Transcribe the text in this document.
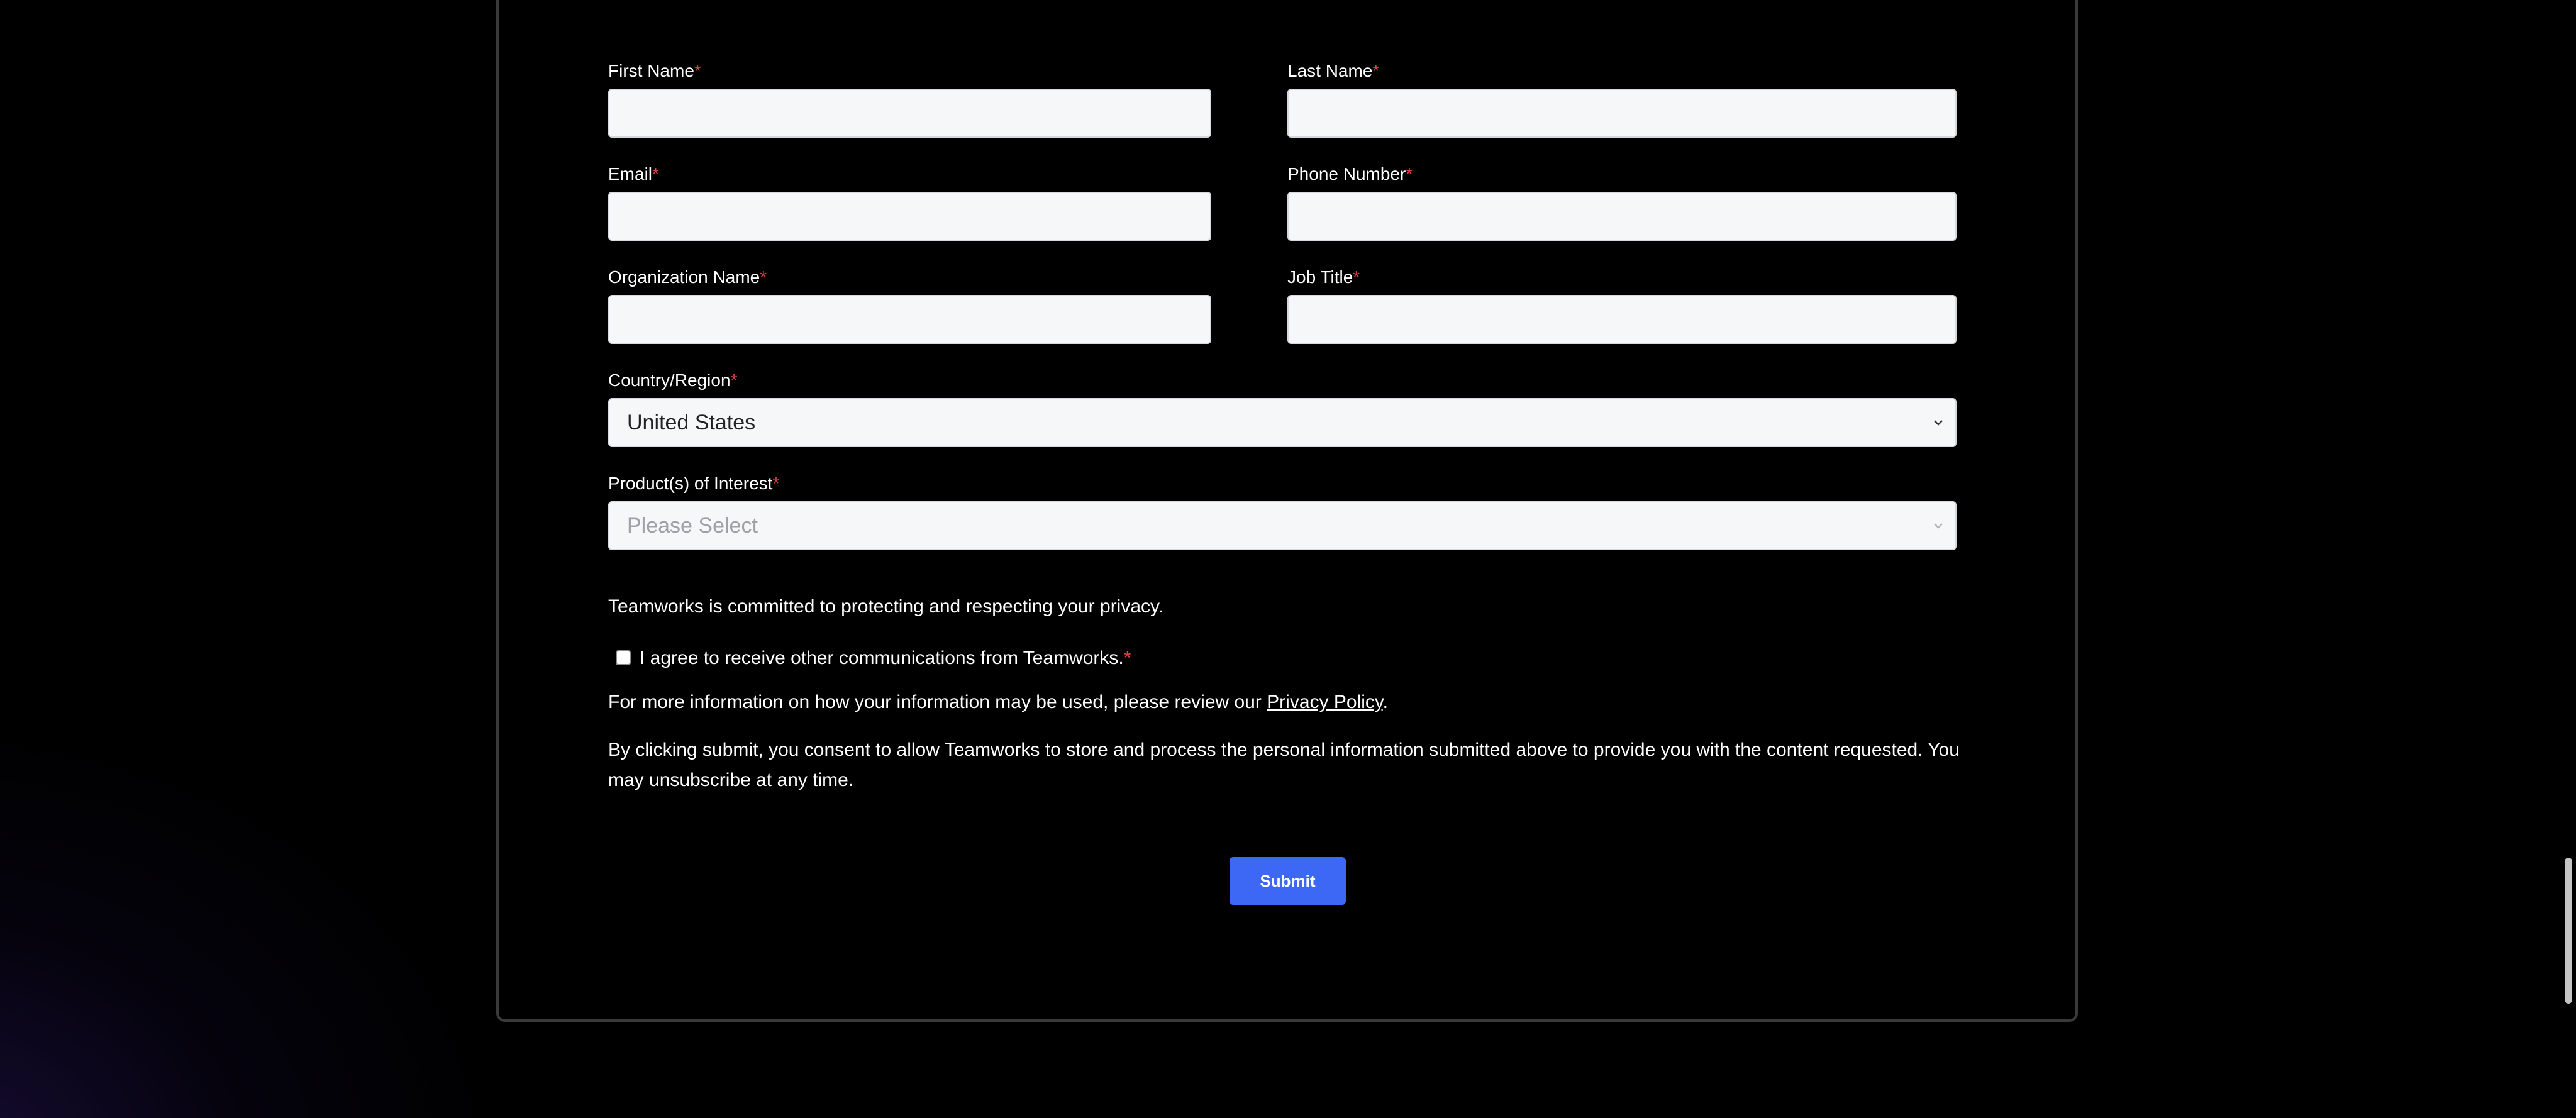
First Name*	Last Name*
Email*	Phone Number*
Organization Name*	Job Title*
Country/Region*
United States
Product(s) of Interest*
Please Select
Teamworks is committed to protecting and respecting your privacy.
I agree to receive other communications from Teamworks.*
For more information on how your information may be used, please review our Privacy Policy.
By clicking submit, you consent to allow Teamworks to store and process the personal information submitted above to provide you with the content requested. You may unsubscribe at any time.
Submit
